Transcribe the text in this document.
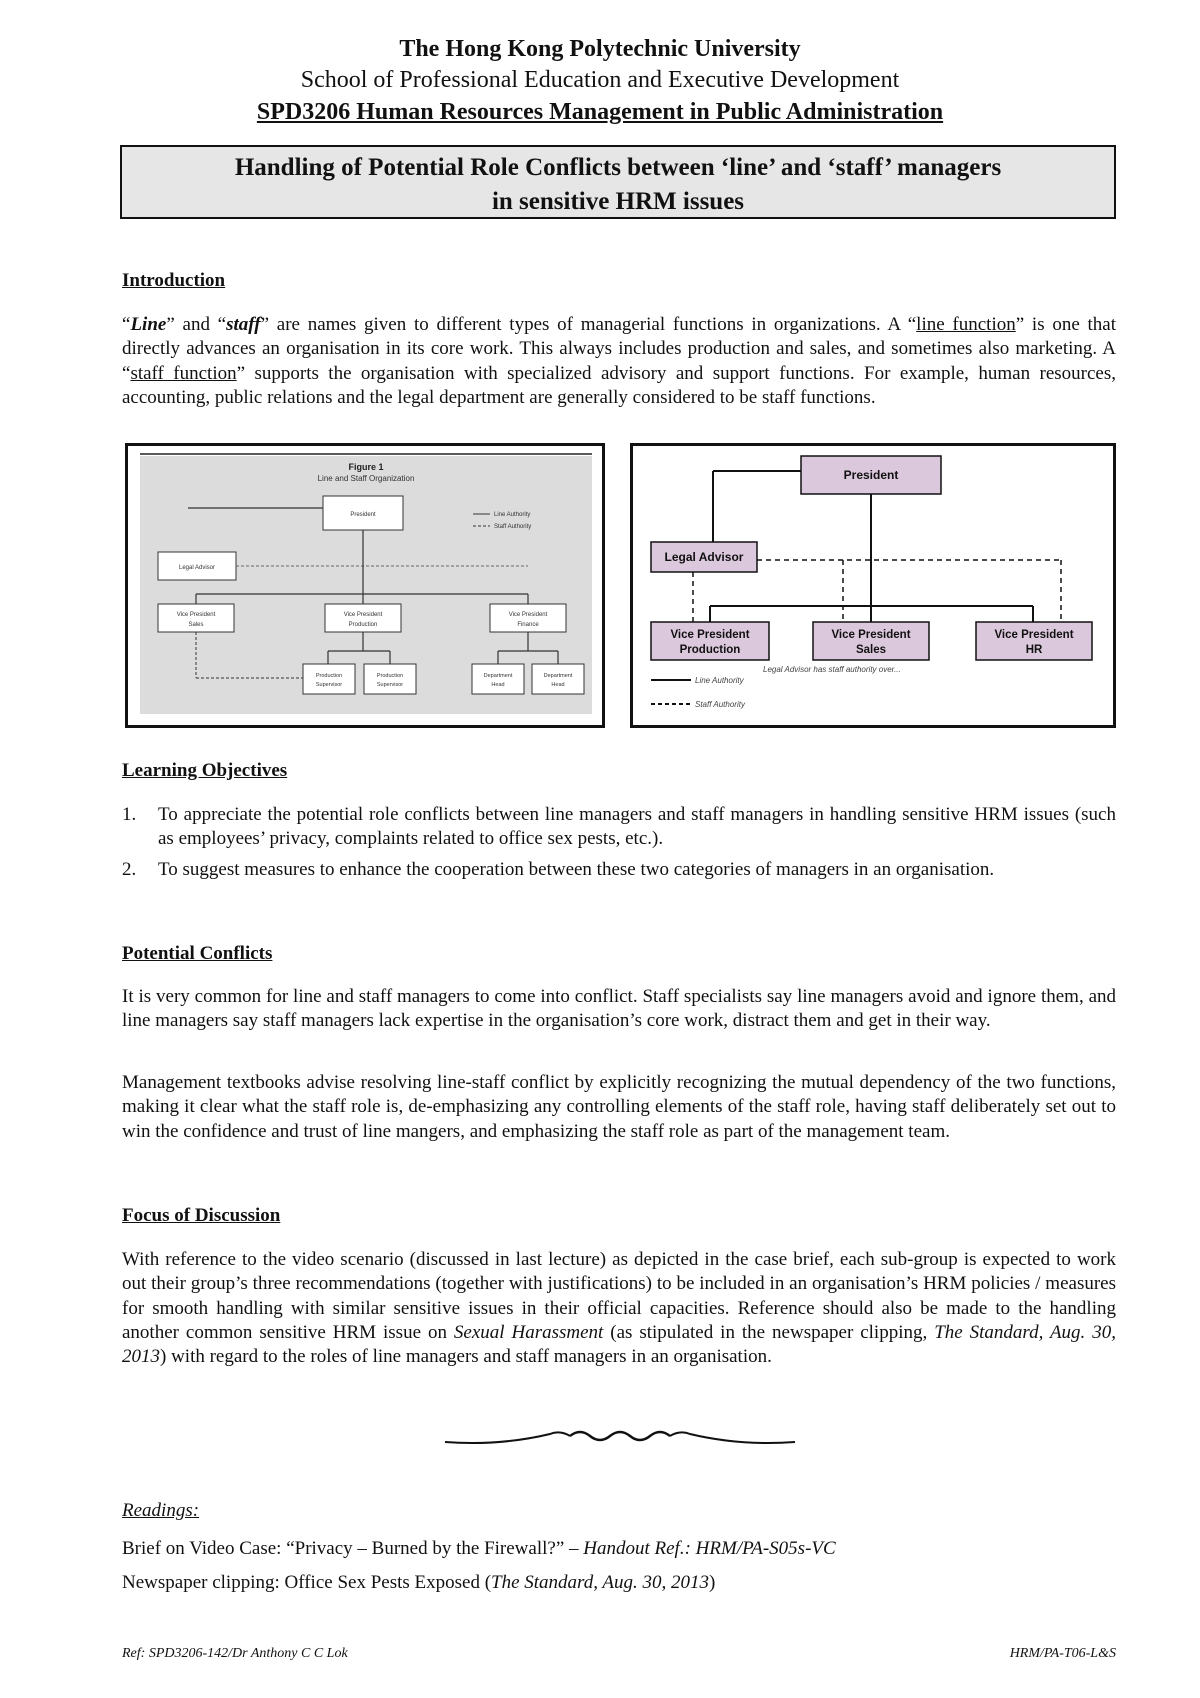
The Hong Kong Polytechnic University
School of Professional Education and Executive Development
SPD3206 Human Resources Management in Public Administration
Handling of Potential Role Conflicts between ‘line’ and ‘staff’ managers
in sensitive HRM issues
Introduction
“Line” and “staff” are names given to different types of managerial functions in organizations. A “line function” is one that directly advances an organisation in its core work. This always includes production and sales, and sometimes also marketing. A “staff function” supports the organisation with specialized advisory and support functions. For example, human resources, accounting, public relations and the legal department are generally considered to be staff functions.
Figure 1
Line and Staff Organization
President	Line Authority
Staff Authority
Legal Advisor
Vice President
Sales
Vice President
Production
Vice President
Finance
Production
Supervisor
Production
Supervisor
Department
Head
Department
Head
President
Legal Advisor
Vice President
Production
Vice President
Sales
Vice President
HR
Legal Advisor has staff authority over...
Line Authority
Staff Authority
Learning Objectives
1. To appreciate the potential role conflicts between line managers and staff managers in handling sensitive HRM issues (such as employees’ privacy, complaints related to office sex pests, etc.).
2. To suggest measures to enhance the cooperation between these two categories of managers in an organisation.
Potential Conflicts
It is very common for line and staff managers to come into conflict. Staff specialists say line managers avoid and ignore them, and line managers say staff managers lack expertise in the organisation’s core work, distract them and get in their way.
Management textbooks advise resolving line-staff conflict by explicitly recognizing the mutual dependency of the two functions, making it clear what the staff role is, de-emphasizing any controlling elements of the staff role, having staff deliberately set out to win the confidence and trust of line mangers, and emphasizing the staff role as part of the management team.
Focus of Discussion
With reference to the video scenario (discussed in last lecture) as depicted in the case brief, each sub-group is expected to work out their group’s three recommendations (together with justifications) to be included in an organisation’s HRM policies / measures for smooth handling with similar sensitive issues in their official capacities. Reference should also be made to the handling another common sensitive HRM issue on Sexual Harassment (as stipulated in the newspaper clipping, The Standard, Aug. 30, 2013) with regard to the roles of line managers and staff managers in an organisation.
Readings:
Brief on Video Case: “Privacy – Burned by the Firewall?” – Handout Ref.: HRM/PA-S05s-VC
Newspaper clipping: Office Sex Pests Exposed (The Standard, Aug. 30, 2013)
Ref: SPD3206-142/Dr Anthony C C Lok	HRM/PA-T06-L&S
